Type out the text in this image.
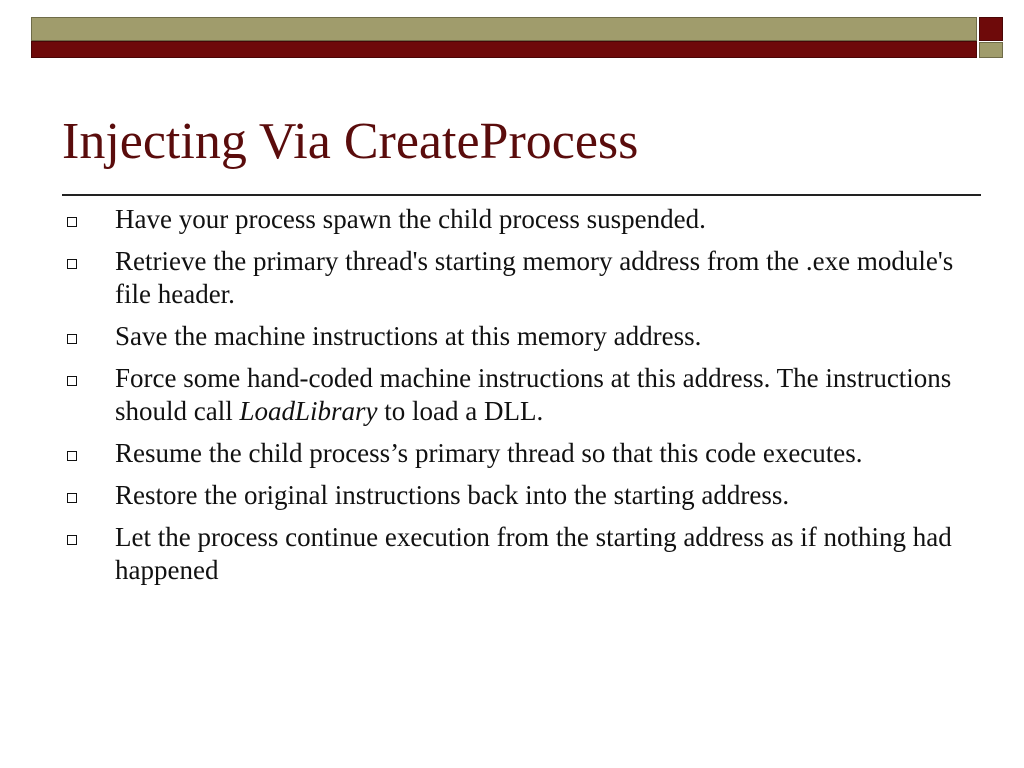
Injecting Via CreateProcess
Have your process spawn the child process suspended.
Retrieve the primary thread's starting memory address from the .exe module's file header.
Save the machine instructions at this memory address.
Force some hand-coded machine instructions at this address. The instructions should call LoadLibrary to load a DLL.
Resume the child process’s primary thread so that this code executes.
Restore the original instructions back into the starting address.
Let the process continue execution from the starting address as if nothing had happened
